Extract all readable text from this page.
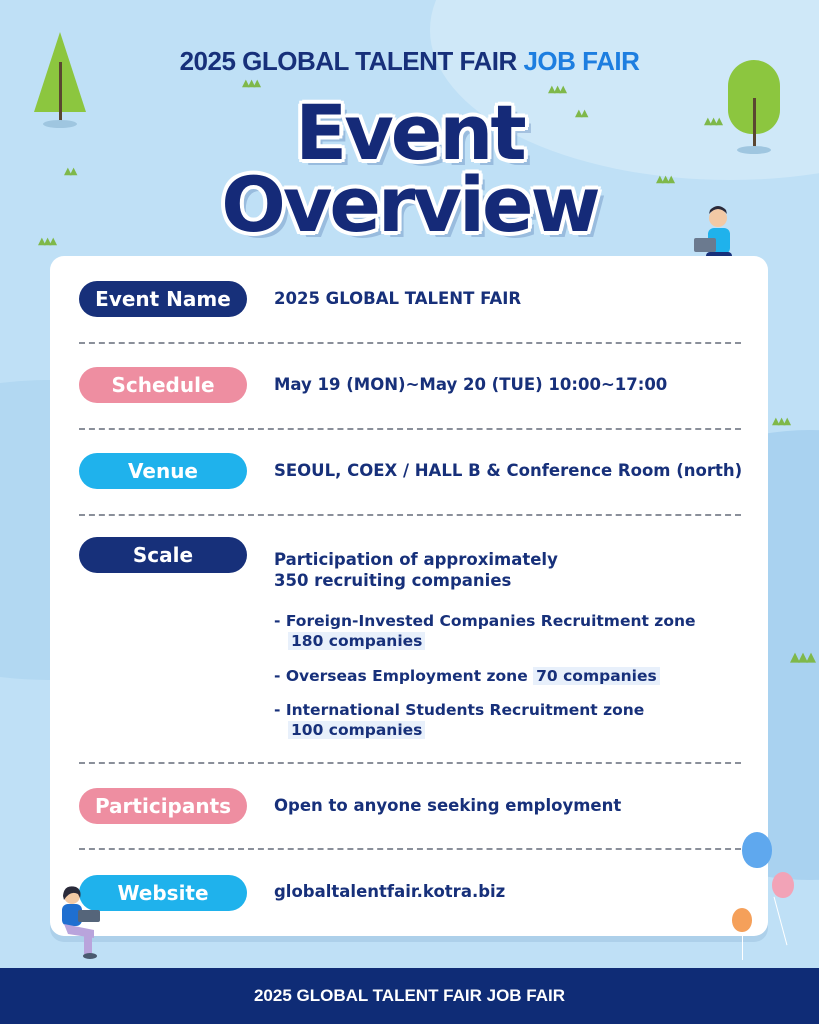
▲▲▲
▲▲▲
▲▲▲
▲▲
▲▲▲
▲▲
▲▲▲
▲▲▲
▲▲▲
2025 GLOBAL TALENT FAIR JOB FAIR
Event
Overview
Event Name	2025 GLOBAL TALENT FAIR
Schedule	May 19 (MON)~May 20 (TUE) 10:00~17:00
Venue	SEOUL, COEX / HALL B & Conference Room (north)
Scale	Participation of approximately
350 recruiting companies
- Foreign-Invested Companies Recruitment zone
180 companies
- Overseas Employment zone 70 companies
- International Students Recruitment zone
100 companies
Participants	Open to anyone seeking employment
Website	globaltalentfair.kotra.biz
2025 GLOBAL TALENT FAIR JOB FAIR
